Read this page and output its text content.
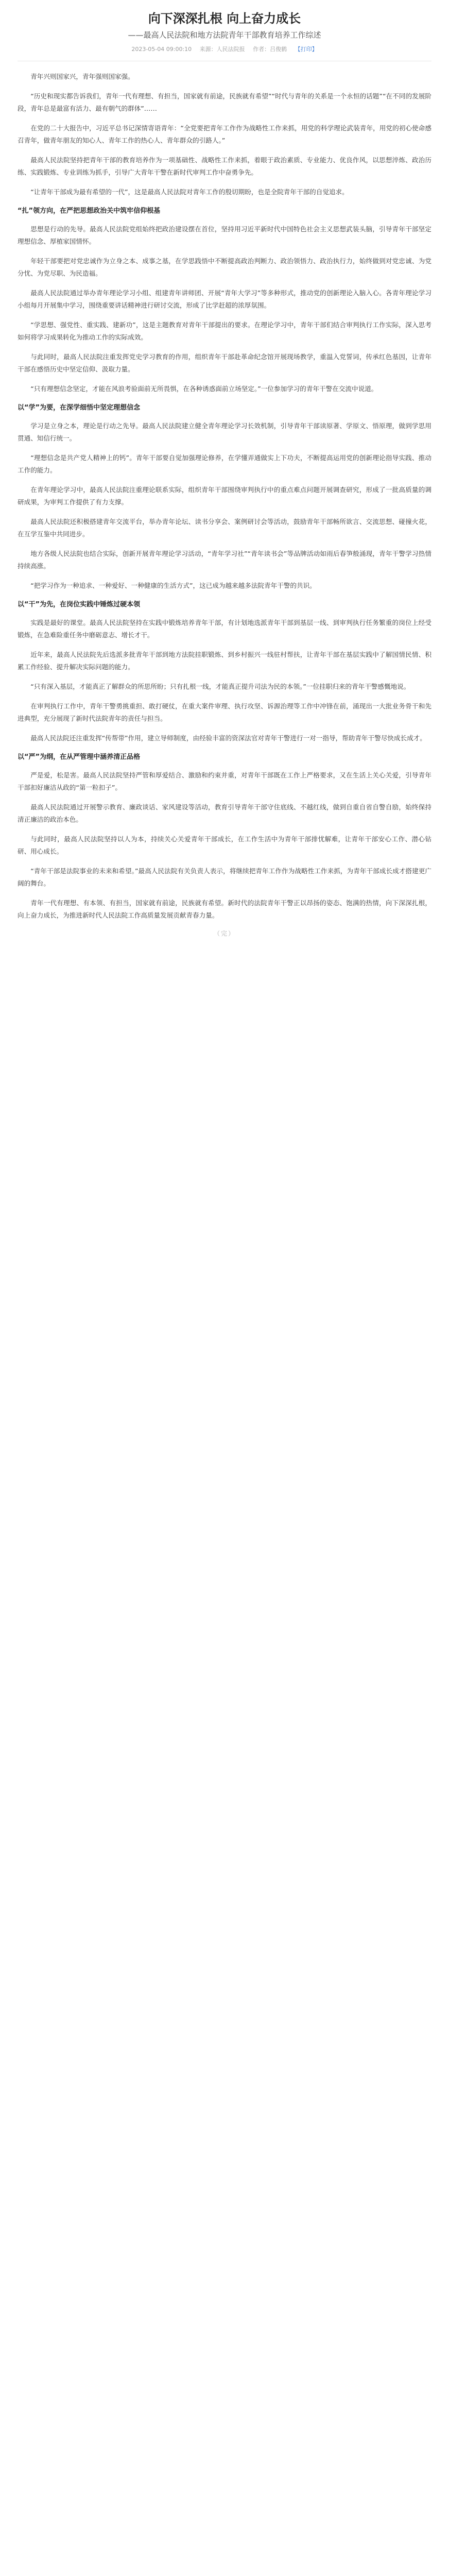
向下深深扎根 向上奋力成长
——最高人民法院和地方法院青年干部教育培养工作综述
2023-05-04 09:00:10 来源：人民法院报 作者：吕俊鹤 【打印】

青年兴则国家兴，青年强则国家强。

“历史和现实都告诉我们，青年一代有理想、有担当，国家就有前途，民族就有希望”“时代与青年的关系是一个永恒的话题”“在不同的发展阶段，青年总是最富有活力、最有朝气的群体”……

在党的二十大报告中，习近平总书记深情寄语青年：“全党要把青年工作作为战略性工作来抓，用党的科学理论武装青年，用党的初心使命感召青年，做青年朋友的知心人、青年工作的热心人、青年群众的引路人。”

最高人民法院坚持把青年干部的教育培养作为一项基础性、战略性工作来抓，着眼于政治素质、专业能力、优良作风，以思想淬炼、政治历练、实践锻炼、专业训练为抓手，引导广大青年干警在新时代审判工作中奋勇争先。

“让青年干部成为最有希望的一代”，这是最高人民法院对青年工作的殷切期盼，也是全院青年干部的自觉追求。

“扎”领方向，在严把思想政治关中筑牢信仰根基

思想是行动的先导。最高人民法院党组始终把政治建设摆在首位，坚持用习近平新时代中国特色社会主义思想武装头脑，引导青年干部坚定理想信念、厚植家国情怀。

年轻干部要把对党忠诚作为立身之本、成事之基，在学思践悟中不断提高政治判断力、政治领悟力、政治执行力，始终做到对党忠诚、为党分忧、为党尽职、为民造福。

最高人民法院通过举办青年理论学习小组、组建青年讲师团、开展“青年大学习”等多种形式，推动党的创新理论入脑入心。各青年理论学习小组每月开展集中学习，围绕重要讲话精神进行研讨交流，形成了比学赶超的浓厚氛围。

“学思想、强党性、重实践、建新功”，这是主题教育对青年干部提出的要求。在理论学习中，青年干部们结合审判执行工作实际，深入思考如何将学习成果转化为推动工作的实际成效。

与此同时，最高人民法院注重发挥党史学习教育的作用，组织青年干部赴革命纪念馆开展现场教学，重温入党誓词，传承红色基因，让青年干部在感悟历史中坚定信仰、汲取力量。

“只有理想信念坚定，才能在风浪考验面前无所畏惧，在各种诱惑面前立场坚定。”一位参加学习的青年干警在交流中说道。

以“学”为要，在深学细悟中坚定理想信念

学习是立身之本，理论是行动之先导。最高人民法院建立健全青年理论学习长效机制，引导青年干部读原著、学原文、悟原理，做到学思用贯通、知信行统一。

“理想信念是共产党人精神上的钙”。青年干部要自觉加强理论修养，在学懂弄通做实上下功夫，不断提高运用党的创新理论指导实践、推动工作的能力。

在青年理论学习中，最高人民法院注重理论联系实际，组织青年干部围绕审判执行中的重点难点问题开展调查研究，形成了一批高质量的调研成果，为审判工作提供了有力支撑。

最高人民法院还积极搭建青年交流平台，举办青年论坛、读书分享会、案例研讨会等活动，鼓励青年干部畅所欲言、交流思想、碰撞火花，在互学互鉴中共同进步。

地方各级人民法院也结合实际，创新开展青年理论学习活动，“青年学习社”“青年读书会”等品牌活动如雨后春笋般涌现，青年干警学习热情持续高涨。

“把学习作为一种追求、一种爱好、一种健康的生活方式”，这已成为越来越多法院青年干警的共识。

以“干”为先，在岗位实践中锤炼过硬本领

实践是最好的课堂。最高人民法院坚持在实践中锻炼培养青年干部，有计划地选派青年干部到基层一线、到审判执行任务繁重的岗位上经受锻炼，在急难险重任务中磨砺意志、增长才干。

近年来，最高人民法院先后选派多批青年干部到地方法院挂职锻炼、到乡村振兴一线驻村帮扶，让青年干部在基层实践中了解国情民情、积累工作经验、提升解决实际问题的能力。

“只有深入基层，才能真正了解群众的所思所盼；只有扎根一线，才能真正提升司法为民的本领。”一位挂职归来的青年干警感慨地说。

在审判执行工作中，青年干警勇挑重担、敢打硬仗，在重大案件审理、执行攻坚、诉源治理等工作中冲锋在前，涌现出一大批业务骨干和先进典型，充分展现了新时代法院青年的责任与担当。

最高人民法院还注重发挥“传帮带”作用，建立导师制度，由经验丰富的资深法官对青年干警进行一对一指导，帮助青年干警尽快成长成才。

以“严”为纲，在从严管理中涵养清正品格

严是爱，松是害。最高人民法院坚持严管和厚爱结合、激励和约束并重，对青年干部既在工作上严格要求，又在生活上关心关爱，引导青年干部扣好廉洁从政的“第一粒扣子”。

最高人民法院通过开展警示教育、廉政谈话、家风建设等活动，教育引导青年干部守住底线、不越红线，做到自重自省自警自励，始终保持清正廉洁的政治本色。

与此同时，最高人民法院坚持以人为本，持续关心关爱青年干部成长，在工作生活中为青年干部排忧解难，让青年干部安心工作、潜心钻研、用心成长。

“青年干部是法院事业的未来和希望。”最高人民法院有关负责人表示，将继续把青年工作作为战略性工作来抓，为青年干部成长成才搭建更广阔的舞台。

青年一代有理想、有本领、有担当，国家就有前途，民族就有希望。新时代的法院青年干警正以昂扬的姿态、饱满的热情，向下深深扎根，向上奋力成长，为推进新时代人民法院工作高质量发展贡献青春力量。

（完）
